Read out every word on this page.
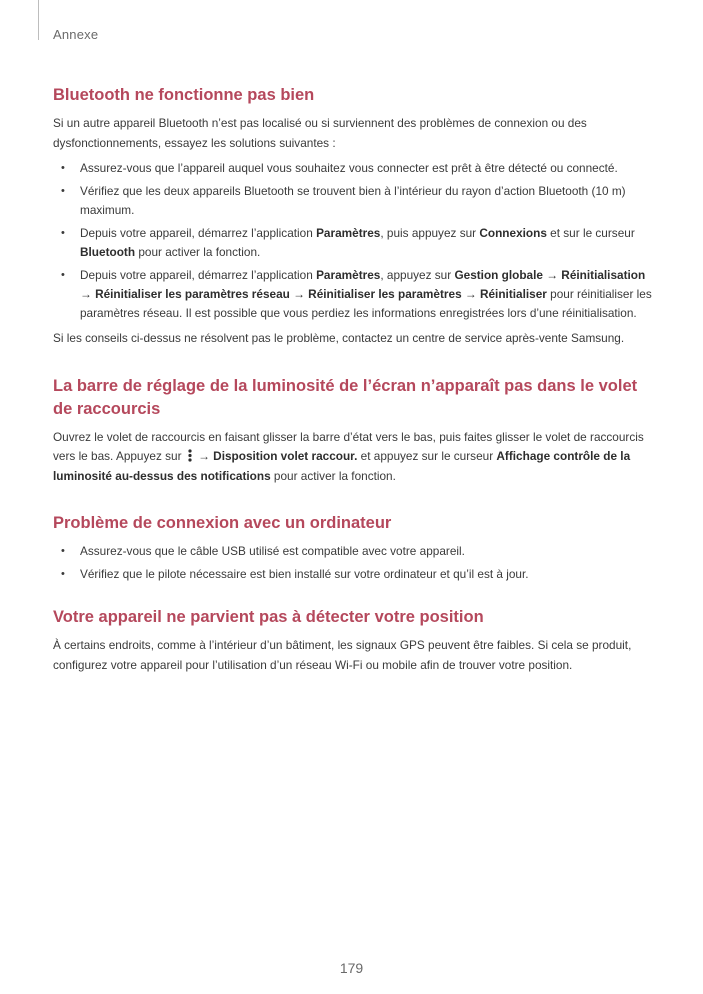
Annexe
Bluetooth ne fonctionne pas bien

Si un autre appareil Bluetooth n’est pas localisé ou si surviennent des problèmes de connexion ou des dysfonctionnements, essayez les solutions suivantes :

• Assurez-vous que l’appareil auquel vous souhaitez vous connecter est prêt à être détecté ou connecté.
• Vérifiez que les deux appareils Bluetooth se trouvent bien à l’intérieur du rayon d’action Bluetooth (10 m) maximum.
• Depuis votre appareil, démarrez l’application Paramètres, puis appuyez sur Connexions et sur le curseur Bluetooth pour activer la fonction.
• Depuis votre appareil, démarrez l’application Paramètres, appuyez sur Gestion globale → Réinitialisation → Réinitialiser les paramètres réseau → Réinitialiser les paramètres → Réinitialiser pour réinitialiser les paramètres réseau. Il est possible que vous perdiez les informations enregistrées lors d’une réinitialisation.

Si les conseils ci-dessus ne résolvent pas le problème, contactez un centre de service après-vente Samsung.

La barre de réglage de la luminosité de l’écran n’apparaît pas dans le volet de raccourcis

Ouvrez le volet de raccourcis en faisant glisser la barre d’état vers le bas, puis faites glisser le volet de raccourcis vers le bas. Appuyez sur  → Disposition volet raccour. et appuyez sur le curseur Affichage contrôle de la luminosité au-dessus des notifications pour activer la fonction.

Problème de connexion avec un ordinateur
• Assurez-vous que le câble USB utilisé est compatible avec votre appareil.
• Vérifiez que le pilote nécessaire est bien installé sur votre ordinateur et qu’il est à jour.
Votre appareil ne parvient pas à détecter votre position

À certains endroits, comme à l’intérieur d’un bâtiment, les signaux GPS peuvent être faibles. Si cela se produit, configurez votre appareil pour l’utilisation d’un réseau Wi-Fi ou mobile afin de trouver votre position.

179
